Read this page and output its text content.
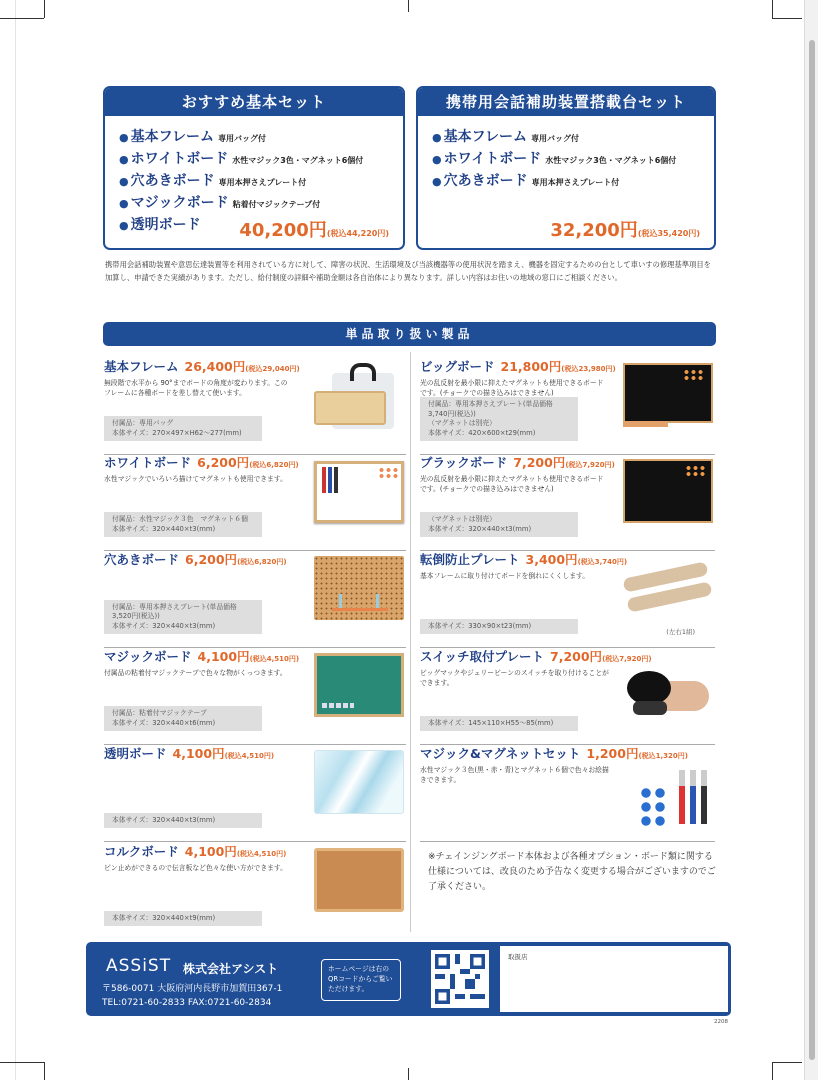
おすすめ基本セット
● 基本フレーム 専用バッグ付
● ホワイトボード 水性マジック3色・マグネット6個付
● 穴あきボード 専用本押さえプレート付
● マジックボード 粘着付マジックテープ付
● 透明ボード	40,200円(税込44,220円)
携帯用会話補助装置搭載台セット
● 基本フレーム 専用バッグ付
● ホワイトボード 水性マジック3色・マグネット6個付
● 穴あきボード 専用本押さえプレート付
32,200円(税込35,420円)
携帯用会話補助装置や意思伝達装置等を利用されている方に対して、障害の状況、生活環境及び当該機器等の使用状況を踏まえ、機器を固定するための台として車いすの修理基準項目を加算し、申請できた実績があります。ただし、給付制度の詳細や補助金額は各自治体により異なります。詳しい内容はお住いの地域の窓口にご相談ください。
単品取り扱い製品
基本フレーム 26,400円(税込29,040円)
無段階で水平から 90°までボードの角度が変わります。このフレームに各種ボードを差し替えて使います。
付属品：専用バッグ
本体サイズ：270×497×H62～277(mm)
ホワイトボード 6,200円(税込6,820円)
水性マジックでいろいろ描けてマグネットも使用できます。
付属品：水性マジック３色　マグネット６個
本体サイズ：320×440×t3(mm)
穴あきボード 6,200円(税込6,820円)
付属品：専用本押さえプレート(単品価格 3,520円(税込))
本体サイズ：320×440×t3(mm)
マジックボード 4,100円(税込4,510円)
付属品の粘着付マジックテープで色々な物がくっつきます。
付属品：粘着付マジックテープ
本体サイズ：320×440×t6(mm)
透明ボード 4,100円(税込4,510円)
本体サイズ：320×440×t3(mm)
コルクボード 4,100円(税込4,510円)
ピン止めができるので伝言板など色々な使い方ができます。
本体サイズ：320×440×t9(mm)
ビッグボード 21,800円(税込23,980円)
光の乱反射を最小限に抑えたマグネットも使用できるボードです。(チョークでの描き込みはできません)
付属品：専用本押さえプレート(単品価格 3,740円(税込))
（マグネットは別売）
本体サイズ：420×600×t29(mm)
ブラックボード 7,200円(税込7,920円)
光の乱反射を最小限に抑えたマグネットも使用できるボードです。(チョークでの描き込みはできません)
（マグネットは別売）
本体サイズ：320×440×t3(mm)
転倒防止プレート 3,400円(税込3,740円)
基本フレームに取り付けてボードを倒れにくくします。
本体サイズ：330×90×t23(mm)
(左右1組)
スイッチ取付プレート 7,200円(税込7,920円)
ビッグマックやジェリービーンのスイッチを取り付けることができます。
本体サイズ：145×110×H55～85(mm)
マジック&マグネットセット 1,200円(税込1,320円)
水性マジック３色(黒・赤・青)とマグネット６個で色々お絵描きできます。
※チェインジングボード本体および各種オプション・ボード類に関する仕様については、改良のため予告なく変更する場合がございますのでご了承ください。
ASSiST 株式会社アシスト
〒586-0071 大阪府河内長野市加賀田367-1
TEL:0721-60-2833 FAX:0721-60-2834
ホームページは右のQRコードからご覧いただけます。
取扱店
2208
